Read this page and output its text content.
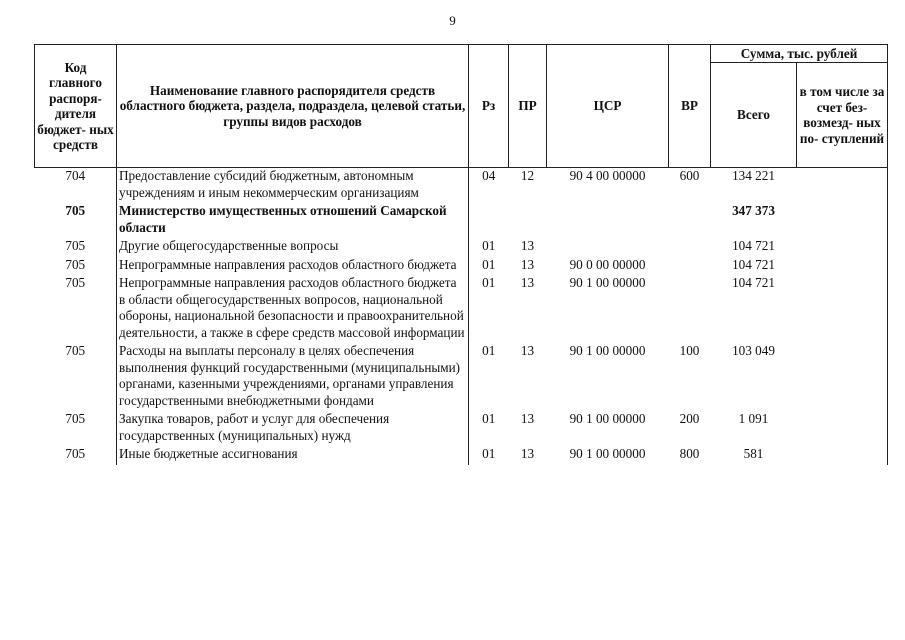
9
Код главного распоря- дителя бюджет- ных средств	Наименование главного распорядителя средств областного бюджета, раздела, подраздела, целевой статьи, группы видов расходов	Рз	ПР	ЦСР	ВР	Сумма, тыс. рублей	
						Всего	в том числе за счет без- возмезд- ных по- ступлений
704	Предоставление субсидий бюджетным, автономным учреждениям и иным некоммерческим организациям	04	12	90 4 00 00000	600	134 221	
705	Министерство имущественных отношений Самарской области					347 373	
705	Другие общегосударственные вопросы	01	13			104 721	
705	Непрограммные направления расходов областного бюджета	01	13	90 0 00 00000		104 721	
705	Непрограммные направления расходов областного бюджета в области общегосударственных вопросов, национальной обороны, национальной безопасности и правоохранительной деятельности, а также в сфере средств массовой информации	01	13	90 1 00 00000		104 721	
705	Расходы на выплаты персоналу в целях обеспечения выполнения функций государственными (муниципальными) органами, казенными учреждениями, органами управления государственными внебюджетными фондами	01	13	90 1 00 00000	100	103 049	
705	Закупка товаров, работ и услуг для обеспечения государственных (муниципальных) нужд	01	13	90 1 00 00000	200	1 091	
705	Иные бюджетные ассигнования	01	13	90 1 00 00000	800	581	
